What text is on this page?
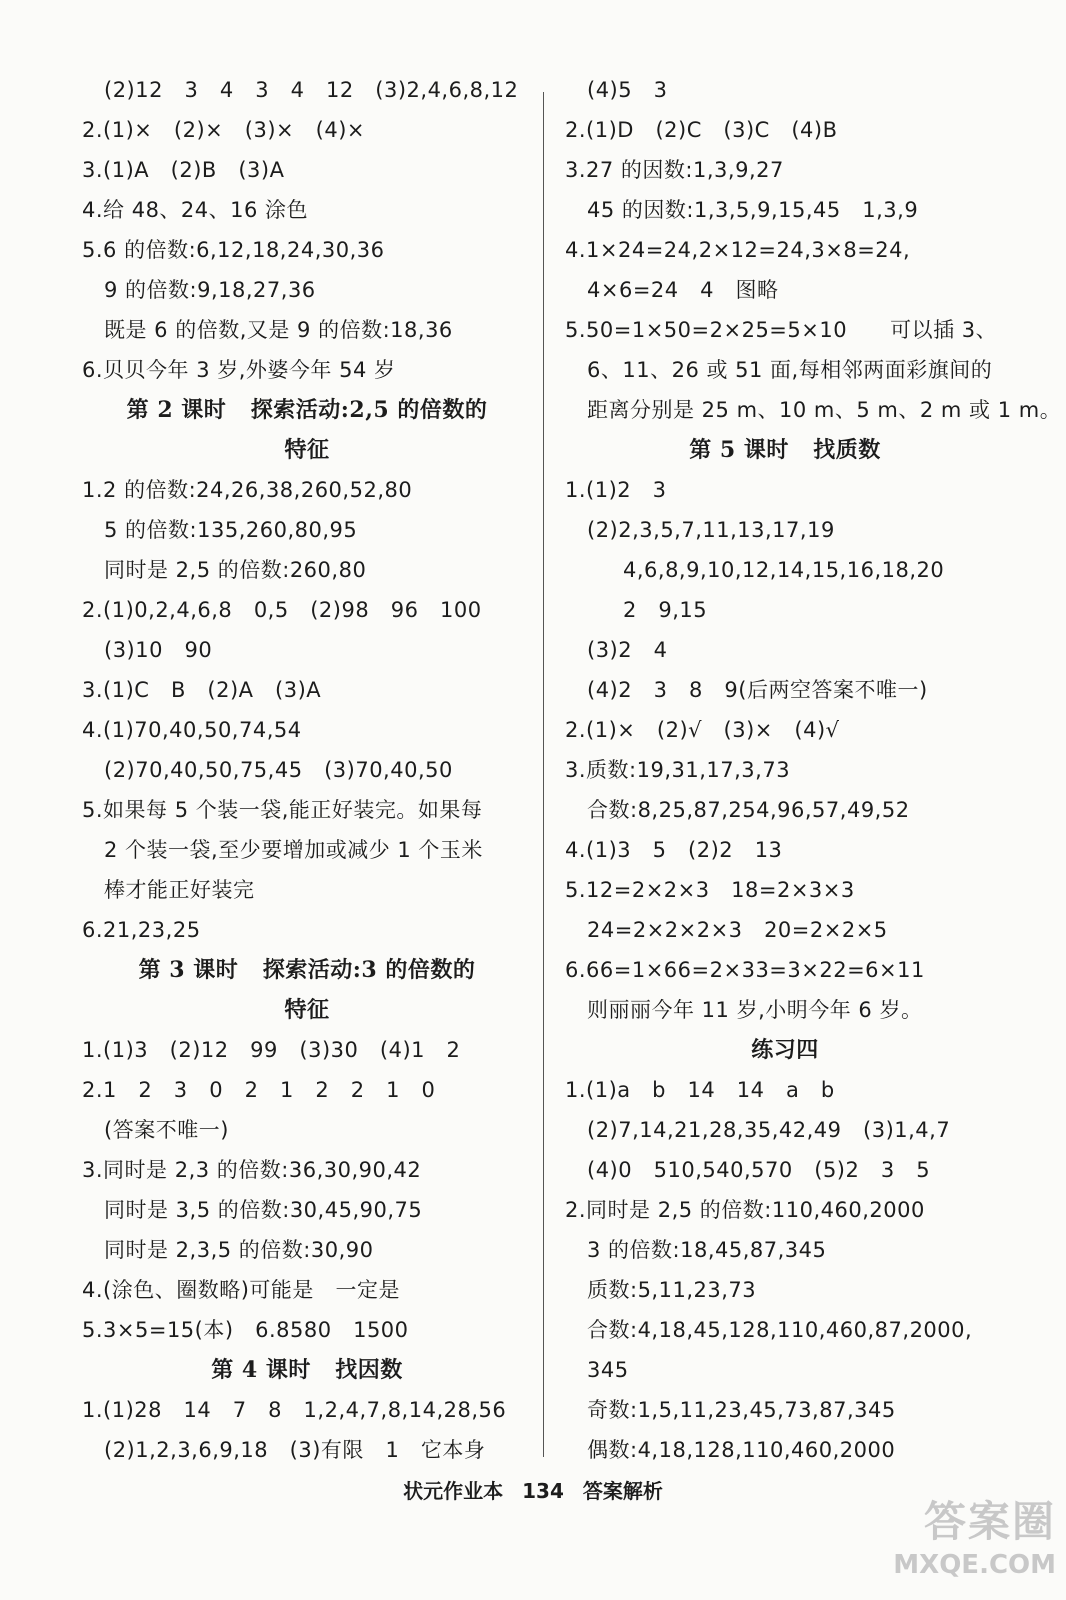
(2)12   3   4   3   4   12   (3)2,4,6,8,12
2.(1)×   (2)×   (3)×   (4)×
3.(1)A   (2)B   (3)A
4.给 48、24、16 涂色
5.6 的倍数:6,12,18,24,30,36
9 的倍数:9,18,27,36
既是 6 的倍数,又是 9 的倍数:18,36
6.贝贝今年 3 岁,外婆今年 54 岁
第 2 课时   探索活动:2,5 的倍数的
特征
1.2 的倍数:24,26,38,260,52,80
5 的倍数:135,260,80,95
同时是 2,5 的倍数:260,80
2.(1)0,2,4,6,8   0,5   (2)98   96   100
(3)10   90
3.(1)C   B   (2)A   (3)A
4.(1)70,40,50,74,54
(2)70,40,50,75,45   (3)70,40,50
5.如果每 5 个装一袋,能正好装完。如果每
2 个装一袋,至少要增加或减少 1 个玉米
棒才能正好装完
6.21,23,25
第 3 课时   探索活动:3 的倍数的
特征
1.(1)3   (2)12   99   (3)30   (4)1   2
2.1   2   3   0   2   1   2   2   1   0
(答案不唯一)
3.同时是 2,3 的倍数:36,30,90,42
同时是 3,5 的倍数:30,45,90,75
同时是 2,3,5 的倍数:30,90
4.(涂色、圈数略)可能是   一定是
5.3×5=15(本)   6.8580   1500
第 4 课时   找因数
1.(1)28   14   7   8   1,2,4,7,8,14,28,56
(2)1,2,3,6,9,18   (3)有限   1   它本身
(4)5   3
2.(1)D   (2)C   (3)C   (4)B
3.27 的因数:1,3,9,27
45 的因数:1,3,5,9,15,45   1,3,9
4.1×24=24,2×12=24,3×8=24,
4×6=24   4   图略
5.50=1×50=2×25=5×10      可以插 3、
6、11、26 或 51 面,每相邻两面彩旗间的
距离分别是 25 m、10 m、5 m、2 m 或 1 m。
第 5 课时   找质数
1.(1)2   3
(2)2,3,5,7,11,13,17,19
4,6,8,9,10,12,14,15,16,18,20
2   9,15
(3)2   4
(4)2   3   8   9(后两空答案不唯一)
2.(1)×   (2)√   (3)×   (4)√
3.质数:19,31,17,3,73
合数:8,25,87,254,96,57,49,52
4.(1)3   5   (2)2   13
5.12=2×2×3   18=2×3×3
24=2×2×2×3   20=2×2×5
6.66=1×66=2×33=3×22=6×11
则丽丽今年 11 岁,小明今年 6 岁。
练习四
1.(1)a   b   14   14   a   b
(2)7,14,21,28,35,42,49   (3)1,4,7
(4)0   510,540,570   (5)2   3   5
2.同时是 2,5 的倍数:110,460,2000
3 的倍数:18,45,87,345
质数:5,11,23,73
合数:4,18,45,128,110,460,87,2000,
345
奇数:1,5,11,23,45,73,87,345
偶数:4,18,128,110,460,2000
状元作业本 134 答案解析
答案圈
MXQE.COM
